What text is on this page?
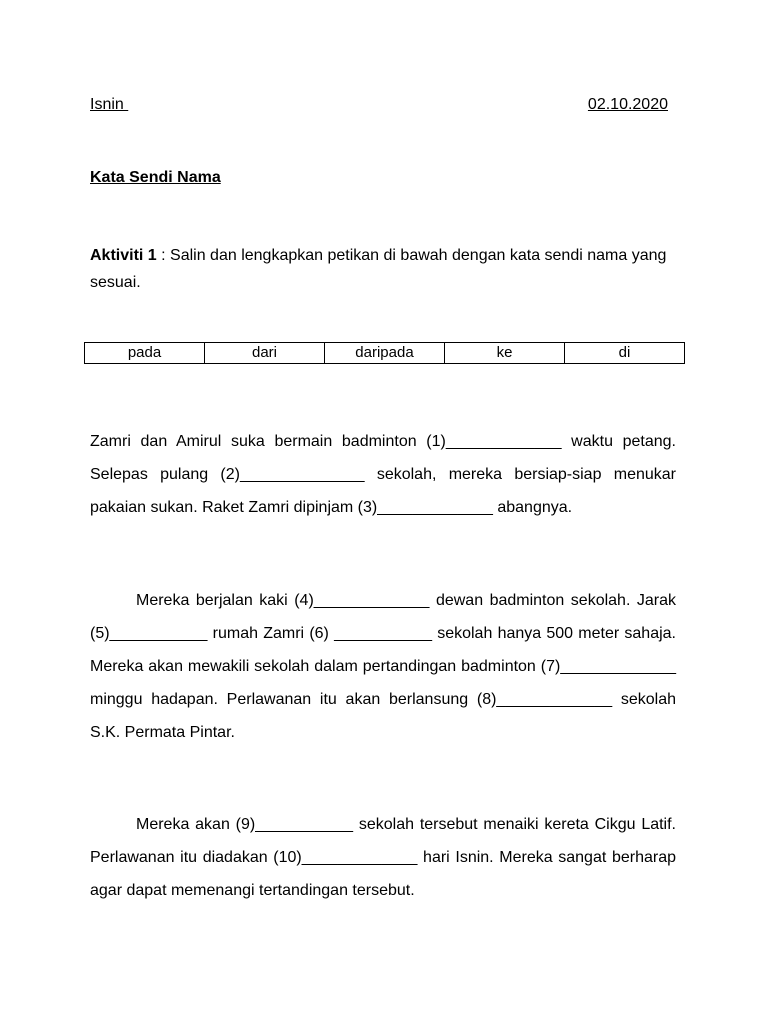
Isnin	02.10.2020
Kata Sendi Nama
Aktiviti 1 : Salin dan lengkapkan petikan di bawah dengan kata sendi nama yang sesuai.
pada	dari	daripada	ke	di

Zamri dan Amirul suka bermain badminton (1)_____________ waktu petang. Selepas pulang (2)______________ sekolah, mereka bersiap-siap menukar pakaian sukan. Raket Zamri dipinjam (3)_____________ abangnya.

Mereka berjalan kaki (4)_____________ dewan badminton sekolah. Jarak (5)___________ rumah Zamri (6) ___________ sekolah hanya 500 meter sahaja. Mereka akan mewakili sekolah dalam pertandingan badminton (7)_____________ minggu hadapan. Perlawanan itu akan berlansung (8)_____________ sekolah S.K. Permata Pintar.

Mereka akan (9)___________ sekolah tersebut menaiki kereta Cikgu Latif. Perlawanan itu diadakan (10)_____________ hari Isnin. Mereka sangat berharap agar dapat memenangi tertandingan tersebut.
